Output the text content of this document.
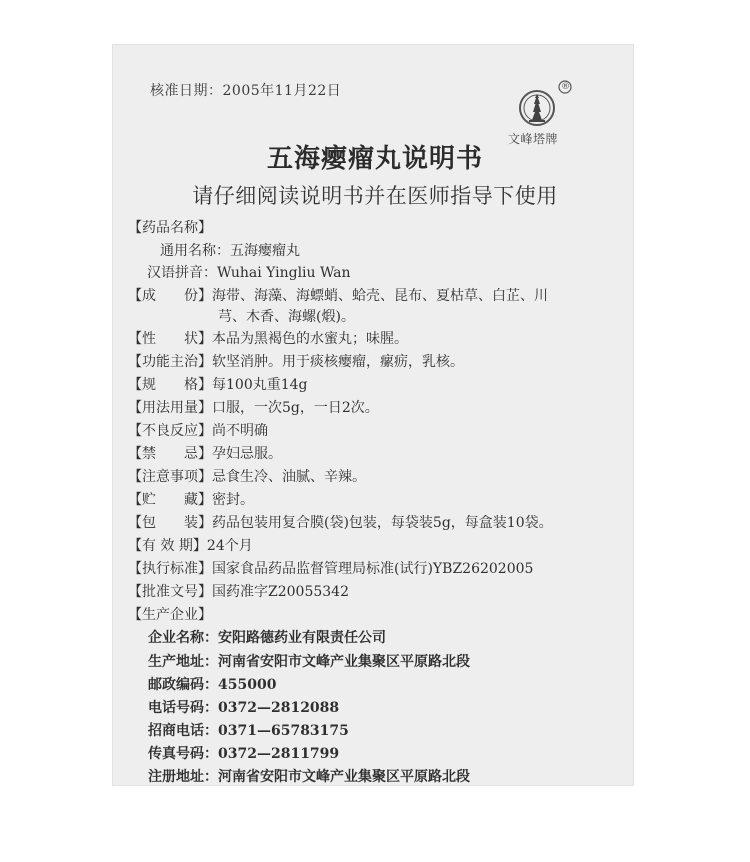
核准日期：2005年11月22日	®
文峰塔牌
五海瘿瘤丸说明书
请仔细阅读说明书并在医师指导下使用
【药品名称】
通用名称：五海瘿瘤丸
汉语拼音：Wuhai Yingliu Wan
【成　　份】海带、海藻、海螵蛸、蛤壳、昆布、夏枯草、白芷、川
芎、木香、海螺(煅)。
【性　　状】本品为黑褐色的水蜜丸；味腥。
【功能主治】软坚消肿。用于痰核瘿瘤，瘰疬，乳核。
【规　　格】每100丸重14g
【用法用量】口服，一次5g，一日2次。
【不良反应】尚不明确
【禁　　忌】孕妇忌服。
【注意事项】忌食生冷、油腻、辛辣。
【贮　　藏】密封。
【包　　装】药品包装用复合膜(袋)包装，每袋装5g，每盒装10袋。
【有 效 期】24个月
【执行标准】国家食品药品监督管理局标准(试行)YBZ26202005
【批准文号】国药准字Z20055342
【生产企业】
企业名称：安阳路德药业有限责任公司
生产地址：河南省安阳市文峰产业集聚区平原路北段
邮政编码：455000
电话号码：0372—2812088
招商电话：0371—65783175
传真号码：0372—2811799
注册地址：河南省安阳市文峰产业集聚区平原路北段
